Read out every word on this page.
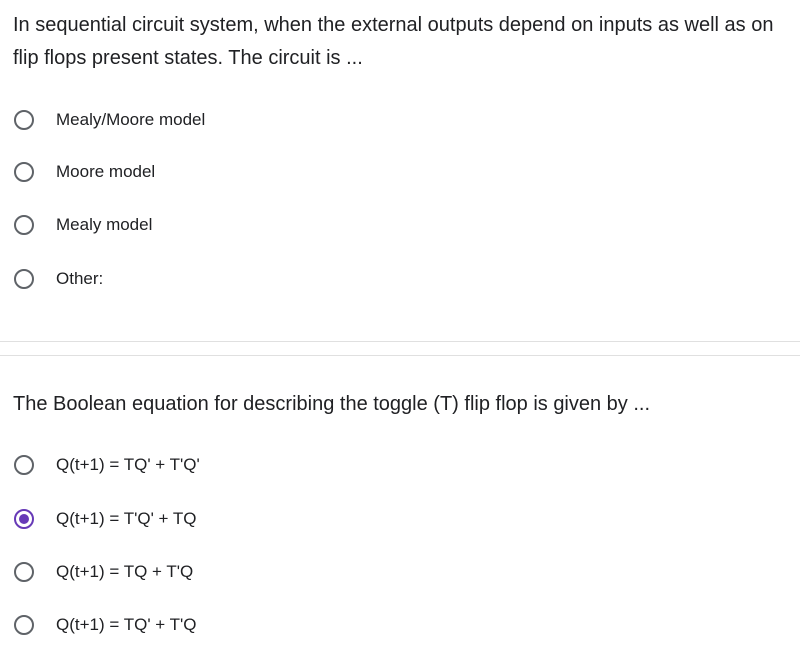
In sequential circuit system, when the external outputs depend on inputs as well as on flip flops present states. The circuit is ...

Mealy/Moore model
Moore model
Mealy model
Other:

The Boolean equation for describing the toggle (T) flip flop is given by ...

Q(t+1) = TQ' + T'Q'
Q(t+1) = T'Q' + TQ
Q(t+1) = TQ + T'Q
Q(t+1) = TQ' + T'Q
